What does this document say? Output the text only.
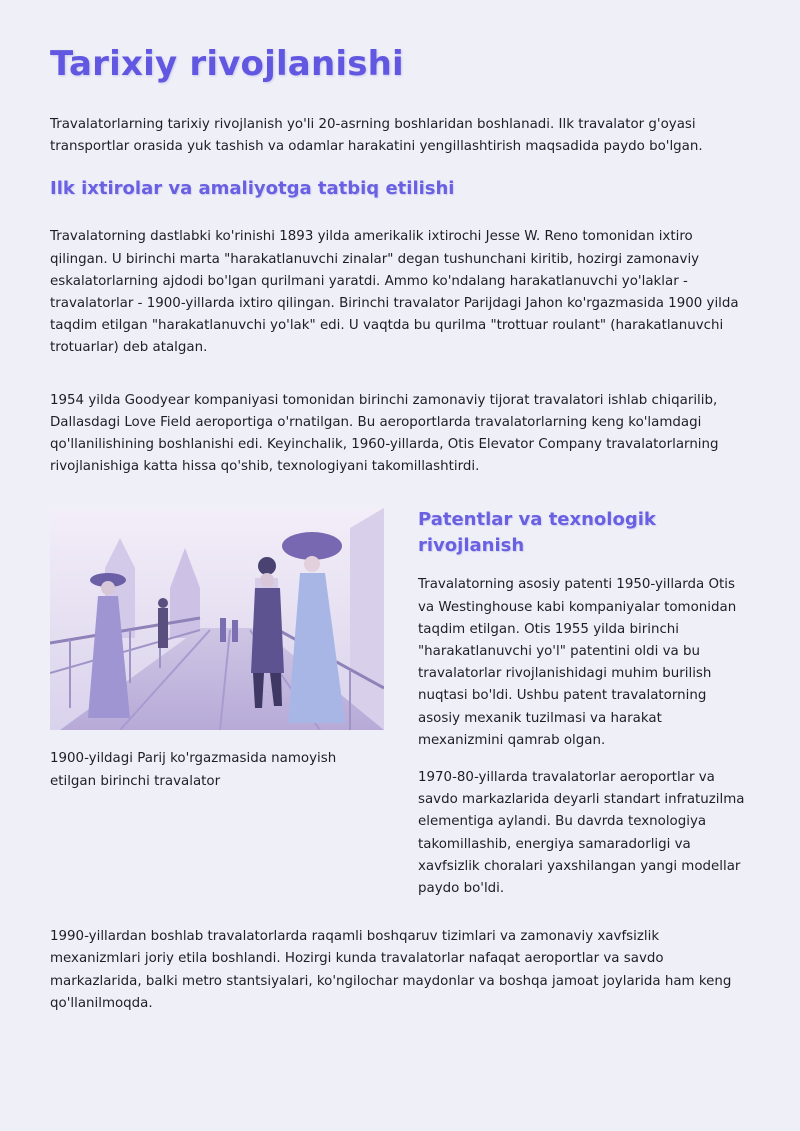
Tarixiy rivojlanishi

Travalatorlarning tarixiy rivojlanish yo'li 20-asrning boshlaridan boshlanadi. Ilk travalator g'oyasi transportlar orasida yuk tashish va odamlar harakatini yengillashtirish maqsadida paydo bo'lgan.

Ilk ixtirolar va amaliyotga tatbiq etilishi

Travalatorning dastlabki ko'rinishi 1893 yilda amerikalik ixtirochi Jesse W. Reno tomonidan ixtiro qilingan. U birinchi marta "harakatlanuvchi zinalar" degan tushunchani kiritib, hozirgi zamonaviy eskalatorlarning ajdodi bo'lgan qurilmani yaratdi. Ammo ko'ndalang harakatlanuvchi yo'laklar - travalatorlar - 1900-yillarda ixtiro qilingan. Birinchi travalator Parijdagi Jahon ko'rgazmasida 1900 yilda taqdim etilgan "harakatlanuvchi yo'lak" edi. U vaqtda bu qurilma "trottuar roulant" (harakatlanuvchi trotuarlar) deb atalgan.

1954 yilda Goodyear kompaniyasi tomonidan birinchi zamonaviy tijorat travalatori ishlab chiqarilib, Dallasdagi Love Field aeroportiga o'rnatilgan. Bu aeroportlarda travalatorlarning keng ko'lamdagi qo'llanilishining boshlanishi edi. Keyinchalik, 1960-yillarda, Otis Elevator Company travalatorlarning rivojlanishiga katta hissa qo'shib, texnologiyani takomillashtirdi.

1900-yildagi Parij ko'rgazmasida namoyish etilgan birinchi travalator

Patentlar va texnologik rivojlanish

Travalatorning asosiy patenti 1950-yillarda Otis va Westinghouse kabi kompaniyalar tomonidan taqdim etilgan. Otis 1955 yilda birinchi "harakatlanuvchi yo'l" patentini oldi va bu travalatorlar rivojlanishidagi muhim burilish nuqtasi bo'ldi. Ushbu patent travalatorning asosiy mexanik tuzilmasi va harakat mexanizmini qamrab olgan.

1970-80-yillarda travalatorlar aeroportlar va savdo markazlarida deyarli standart infratuzilma elementiga aylandi. Bu davrda texnologiya takomillashib, energiya samaradorligi va xavfsizlik choralari yaxshilangan yangi modellar paydo bo'ldi.

1990-yillardan boshlab travalatorlarda raqamli boshqaruv tizimlari va zamonaviy xavfsizlik mexanizmlari joriy etila boshlandi. Hozirgi kunda travalatorlar nafaqat aeroportlar va savdo markazlarida, balki metro stantsiyalari, ko'ngilochar maydonlar va boshqa jamoat joylarida ham keng qo'llanilmoqda.
